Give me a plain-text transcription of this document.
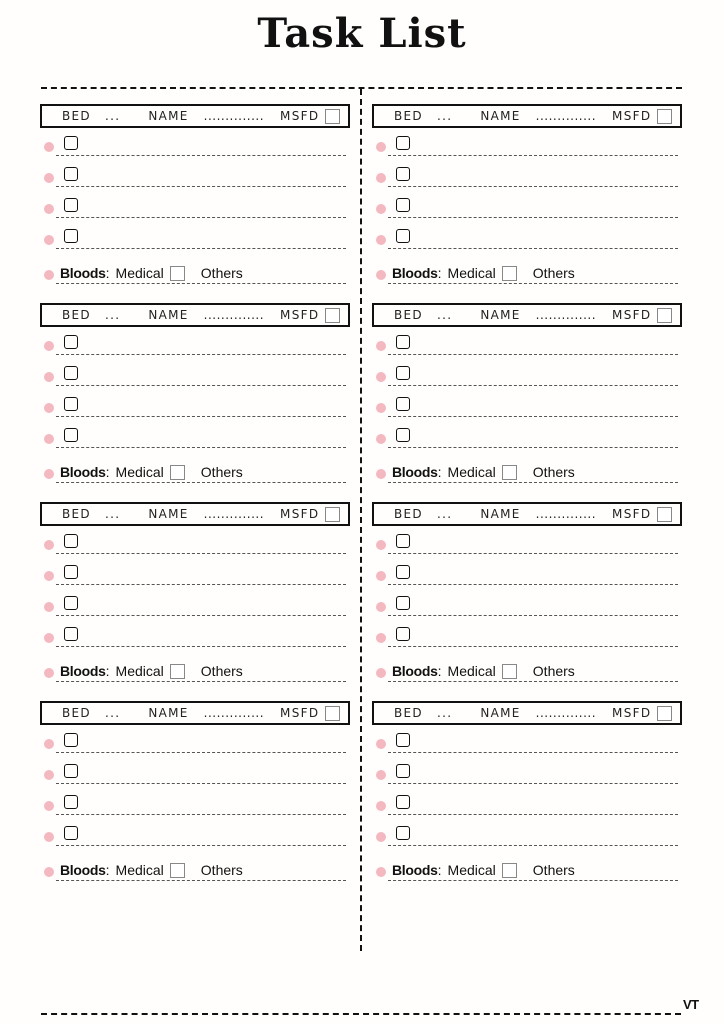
Task List
VT
BED ... NAME .............. MSFD
Bloods : Medical	Others
BED ... NAME .............. MSFD
Bloods : Medical	Others
BED ... NAME .............. MSFD
Bloods : Medical	Others
BED ... NAME .............. MSFD
Bloods : Medical	Others
BED ... NAME .............. MSFD
Bloods : Medical	Others
BED ... NAME .............. MSFD
Bloods : Medical	Others
BED ... NAME .............. MSFD
Bloods : Medical	Others
BED ... NAME .............. MSFD
Bloods : Medical	Others
